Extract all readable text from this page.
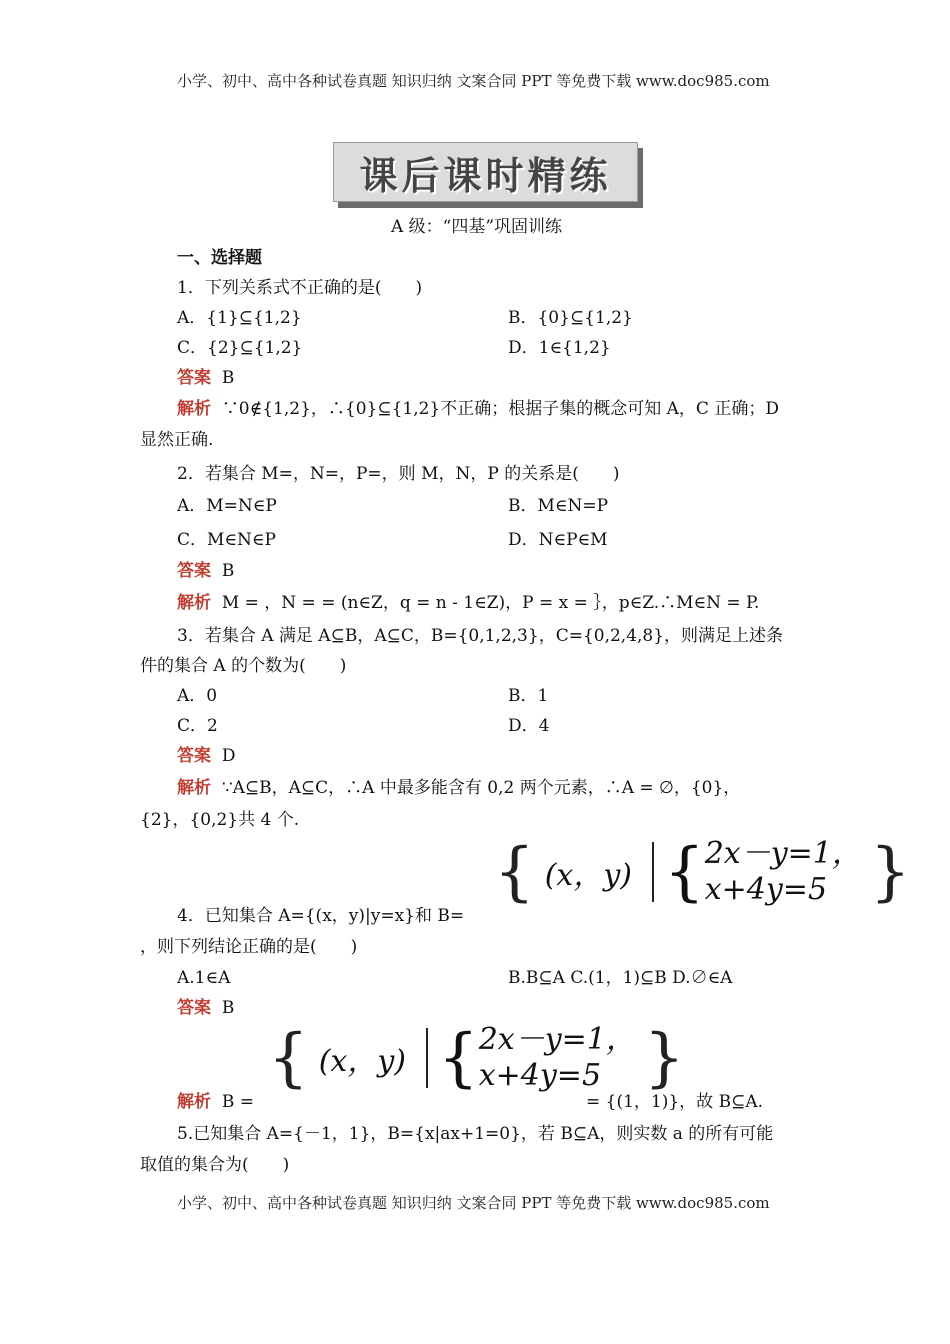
小学、初中、高中各种试卷真题 知识归纳 文案合同 PPT 等免费下载 www.doc985.com
课后课时精练
A 级：“四基”巩固训练
一、选择题
1．下列关系式不正确的是(　　)
A．{1}⊆{1,2}	B．{0}⊆{1,2}
C．{2}⊆{1,2}	D．1∈{1,2}
答案 B
解析 ∵0∉{1,2}，∴{0}⊆{1,2}不正确；根据子集的概念可知 A，C 正确；D
显然正确.
2．若集合 M=，N=，P=，则 M，N，P 的关系是(　　)
A．M=N∈P	B．M∈N=P
C．M∈N∈P	D．N∈P∈M
答案 B
解析 M = ，N = = (n∈Z，q = n - 1∈Z)，P = x = ｝，p∈Z.∴M∈N = P.
3．若集合 A 满足 A⊆B，A⊆C，B={0,1,2,3}，C={0,2,4,8}，则满足上述条
件的集合 A 的个数为(　　)
A．0	B．1
C．2	D．4
答案 D
解析 ∵A⊆B，A⊆C，∴A 中最多能含有 0,2 两个元素，∴A = ∅，{0}，
{2}，{0,2}共 4 个.
{ (x，y) { 2x－y=1，
x+4y=5 }
4．已知集合 A={(x，y)|y=x}和 B=
，则下列结论正确的是(　　)
A.1∈A	B.B⊆A C.(1，1)⊆B D.∅∈A
答案 B
{ (x，y) { 2x－y=1，
x+4y=5 }
解析 B =	= {(1，1)}，故 B⊆A.
5.已知集合 A={－1，1}，B={x|ax+1=0}，若 B⊆A，则实数 a 的所有可能
取值的集合为(　　)
小学、初中、高中各种试卷真题 知识归纳 文案合同 PPT 等免费下载 www.doc985.com
